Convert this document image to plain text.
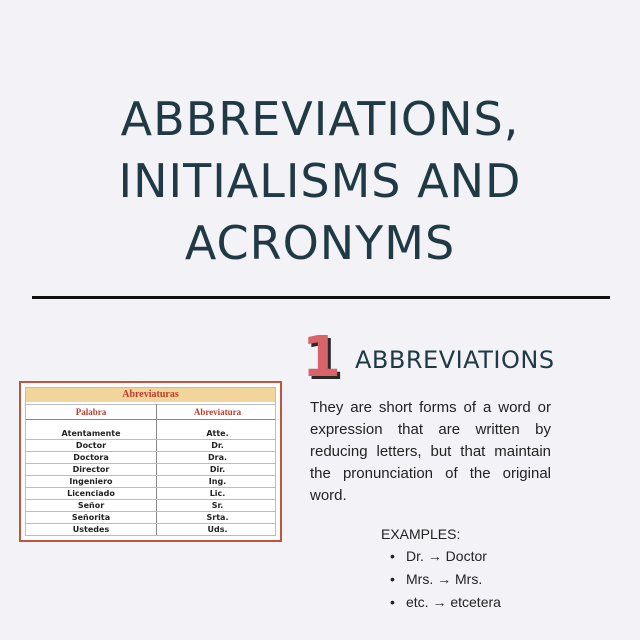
ABBREVIATIONS,
INITIALISMS AND
ACRONYMS
Abreviaturas
Palabra	Abreviatura
Atentamente	Atte.
Doctor	Dr.
Doctora	Dra.
Director	Dir.
Ingeniero	Ing.
Licenciado	Lic.
Señor	Sr.
Señorita	Srta.
Ustedes	Uds.
1 ABBREVIATIONS
They are short forms of a word or expression that are written by reducing letters, but that maintain the pronunciation of the original word.
EXAMPLES:
• Dr. → Doctor
• Mrs. → Mrs.
• etc. → etcetera
